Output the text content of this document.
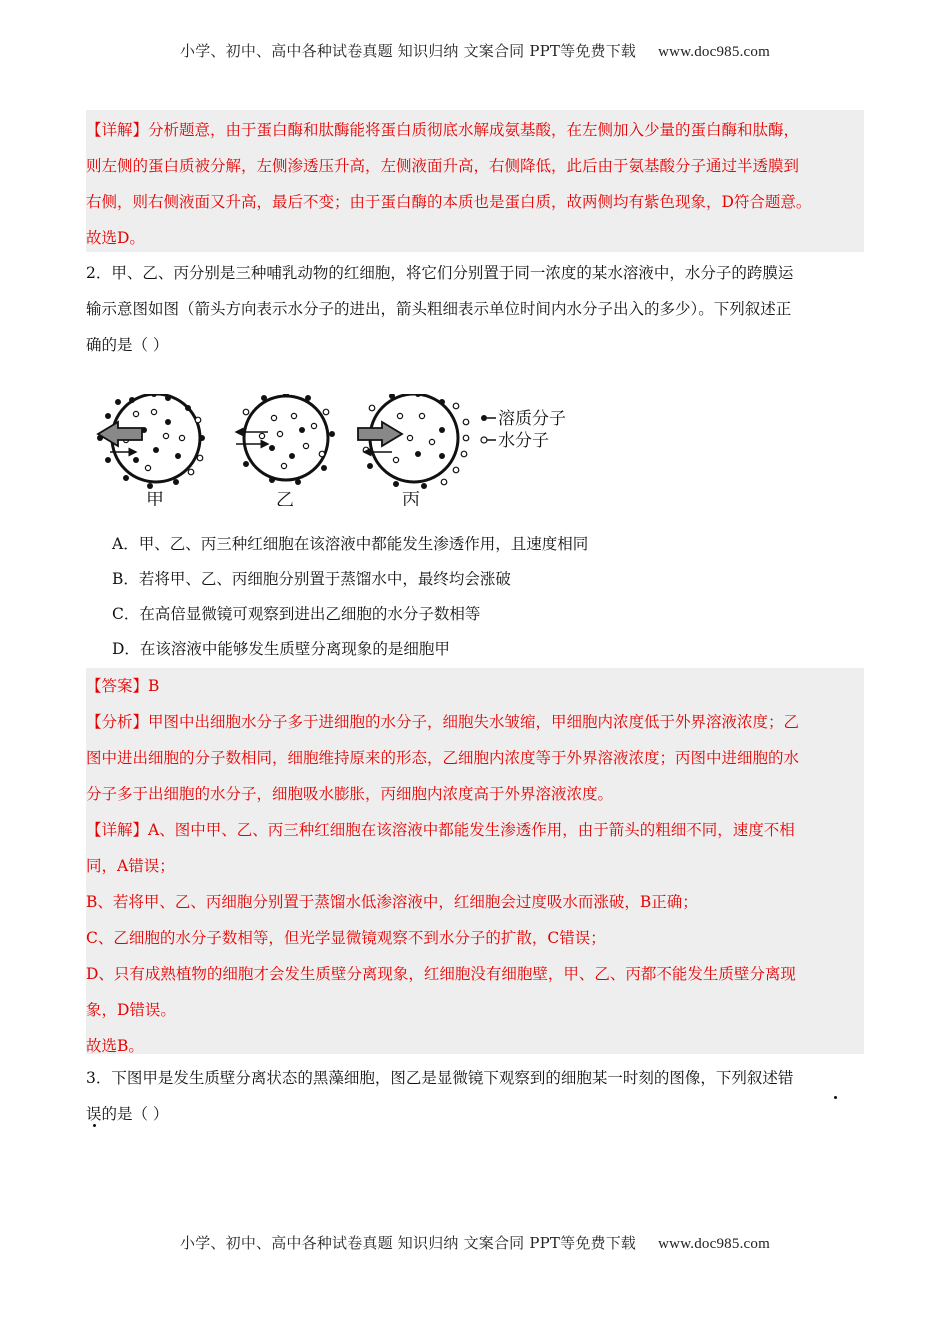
小学、初中、高中各种试卷真题 知识归纳 文案合同 PPT等免费下载 www.doc985.com
【详解】分析题意，由于蛋白酶和肽酶能将蛋白质彻底水解成氨基酸，在左侧加入少量的蛋白酶和肽酶，
则左侧的蛋白质被分解，左侧渗透压升高，左侧液面升高，右侧降低，此后由于氨基酸分子通过半透膜到
右侧，则右侧液面又升高，最后不变；由于蛋白酶的本质也是蛋白质，故两侧均有紫色现象，D符合题意。
故选D。
2．甲、乙、丙分别是三种哺乳动物的红细胞，将它们分别置于同一浓度的某水溶液中，水分子的跨膜运
输示意图如图（箭头方向表示水分子的进出，箭头粗细表示单位时间内水分子出入的多少）。下列叙述正
确的是（ ）
甲	乙	丙
溶质分子
水分子
A．甲、乙、丙三种红细胞在该溶液中都能发生渗透作用，且速度相同
B．若将甲、乙、丙细胞分别置于蒸馏水中，最终均会涨破
C．在高倍显微镜可观察到进出乙细胞的水分子数相等
D．在该溶液中能够发生质壁分离现象的是细胞甲
【答案】B
【分析】甲图中出细胞水分子多于进细胞的水分子，细胞失水皱缩，甲细胞内浓度低于外界溶液浓度；乙
图中进出细胞的分子数相同，细胞维持原来的形态，乙细胞内浓度等于外界溶液浓度；丙图中进细胞的水
分子多于出细胞的水分子，细胞吸水膨胀，丙细胞内浓度高于外界溶液浓度。
【详解】A、图中甲、乙、丙三种红细胞在该溶液中都能发生渗透作用，由于箭头的粗细不同，速度不相
同，A错误；
B、若将甲、乙、丙细胞分别置于蒸馏水低渗溶液中，红细胞会过度吸水而涨破，B正确；
C、乙细胞的水分子数相等，但光学显微镜观察不到水分子的扩散，C错误；
D、只有成熟植物的细胞才会发生质壁分离现象，红细胞没有细胞壁，甲、乙、丙都不能发生质壁分离现
象，D错误。
故选B。
3．下图甲是发生质壁分离状态的黑藻细胞，图乙是显微镜下观察到的细胞某一时刻的图像，下列叙述错
误的是（ ）
小学、初中、高中各种试卷真题 知识归纳 文案合同 PPT等免费下载 www.doc985.com
